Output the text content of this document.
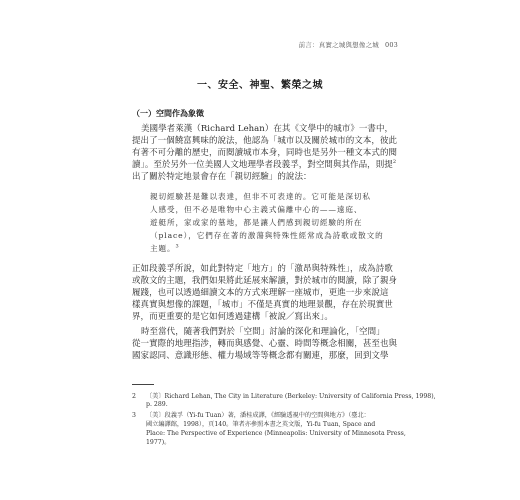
前言：真實之城與想像之城 003
一、安全、神聖、繁榮之城
（一）空間作為象徵
美國學者萊漢（Richard Lehan）在其《文學中的城市》一書中，
提出了一個饒富興味的說法，他認為「城市以及關於城市的文本，彼此
有著不可分離的歷史，而閱讀城市本身，同時也是另外一種文本式的閱
讀」。至於另外一位美國人文地理學者段義孚，對空間與其作品，則提$^2$
出了關於特定地景會存在「親切經驗」的說法：
親切經驗甚是難以表達，但非不可表達的。它可能是深切私
人感受，但不必是唯物中心主義式偏離中心的——遠庭、
遊艇所，家或家的墓地，都是讓人們感到親切經驗的所在
（place），它們存在著的激蕩與特殊性經常成為詩歌或散文的
主題。$^3$
正如段義孚所說，如此對特定「地方」的「激昂與特殊性」，成為詩歌
或散文的主題，我們如果將此延展來解讀，對於城市的閱讀，除了親身
履踐，也可以透過細讀文本的方式來理解一座城市，更進一步來說這
樣真實與想像的課題，「城市」不僅是真實的地理景觀，存在於現實世
界，而更重要的是它如何透過建構「被說／寫出來」。
時至當代，隨著我們對於「空間」討論的深化和理論化，「空間」
從一實際的地理指涉，轉而與感覺、心靈、時間等概念相關，甚至也與
國家認同、意識形態、權力場域等等概念都有關連，那麼，回到文學
2 〔美〕Richard Lehan, The City in Literature (Berkeley: University of California Press, 1998),
p. 289.
3 〔美〕段義孚（Yi-fu Tuan）著，潘桂成譯，《經驗透視中的空間與地方》（臺北：
國立編譯館，1998），頁140。筆者亦參照本書之英文版，Yi-fu Tuan, Space and
Place: The Perspective of Experience (Minneapolis: University of Minnesota Press,
1977)。
